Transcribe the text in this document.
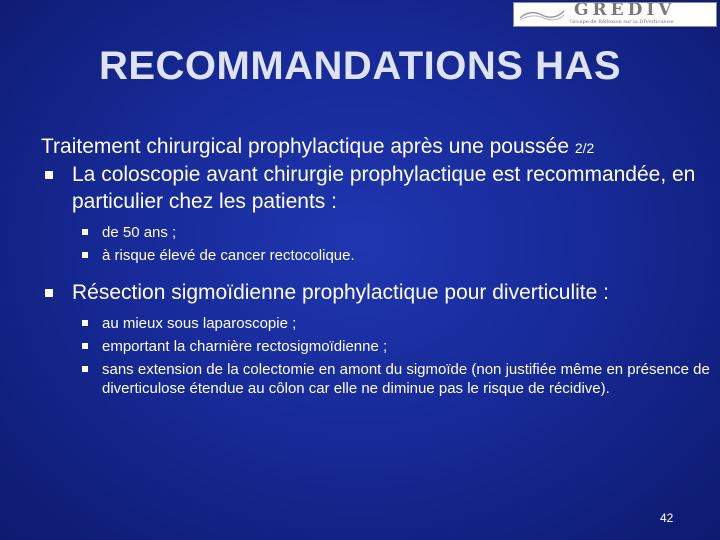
GREDIV
Groupe de Réflexion sur la DIVerticulose
RECOMMANDATIONS HAS
Traitement chirurgical prophylactique après une poussée 2/2
La coloscopie avant chirurgie prophylactique est recommandée, en particulier chez les patients :
de 50 ans ;
à risque élevé de cancer rectocolique.
Résection sigmoïdienne prophylactique pour diverticulite :
au mieux sous laparoscopie ;
emportant la charnière rectosigmoïdienne ;
sans extension de la colectomie en amont du sigmoïde (non justifiée même en présence de diverticulose étendue au côlon car elle ne diminue pas le risque de récidive).
42
